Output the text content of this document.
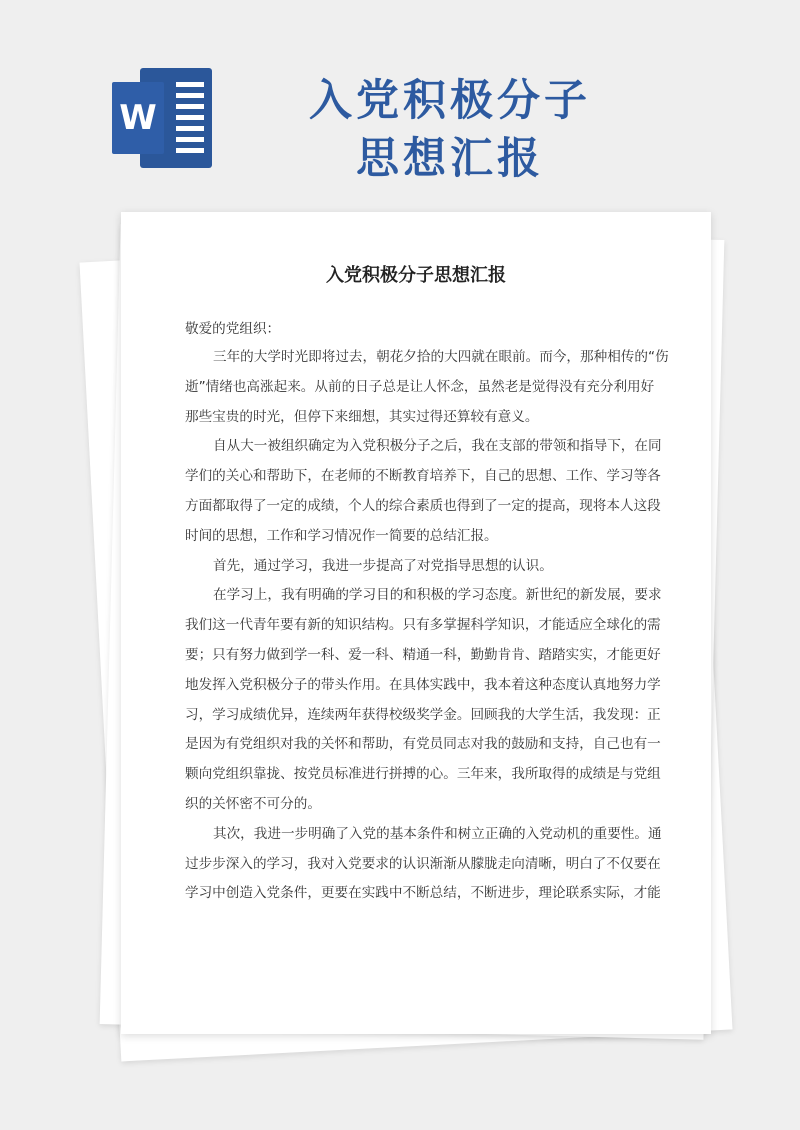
W	入党积极分子
思想汇报
入党积极分子思想汇报
敬爱的党组织：
三年的大学时光即将过去，朝花夕拾的大四就在眼前。而今，那种相传的“伤
逝”情绪也高涨起来。从前的日子总是让人怀念，虽然老是觉得没有充分利用好
那些宝贵的时光，但停下来细想，其实过得还算较有意义。
自从大一被组织确定为入党积极分子之后，我在支部的带领和指导下，在同
学们的关心和帮助下，在老师的不断教育培养下，自己的思想、工作、学习等各
方面都取得了一定的成绩，个人的综合素质也得到了一定的提高，现将本人这段
时间的思想，工作和学习情况作一简要的总结汇报。
首先，通过学习，我进一步提高了对党指导思想的认识。
在学习上，我有明确的学习目的和积极的学习态度。新世纪的新发展，要求
我们这一代青年要有新的知识结构。只有多掌握科学知识，才能适应全球化的需
要；只有努力做到学一科、爱一科、精通一科，勤勤肯肯、踏踏实实，才能更好
地发挥入党积极分子的带头作用。在具体实践中，我本着这种态度认真地努力学
习，学习成绩优异，连续两年获得校级奖学金。回顾我的大学生活，我发现：正
是因为有党组织对我的关怀和帮助，有党员同志对我的鼓励和支持，自己也有一
颗向党组织靠拢、按党员标准进行拼搏的心。三年来，我所取得的成绩是与党组
织的关怀密不可分的。
其次，我进一步明确了入党的基本条件和树立正确的入党动机的重要性。通
过步步深入的学习，我对入党要求的认识渐渐从朦胧走向清晰，明白了不仅要在
学习中创造入党条件，更要在实践中不断总结，不断进步，理论联系实际，才能
